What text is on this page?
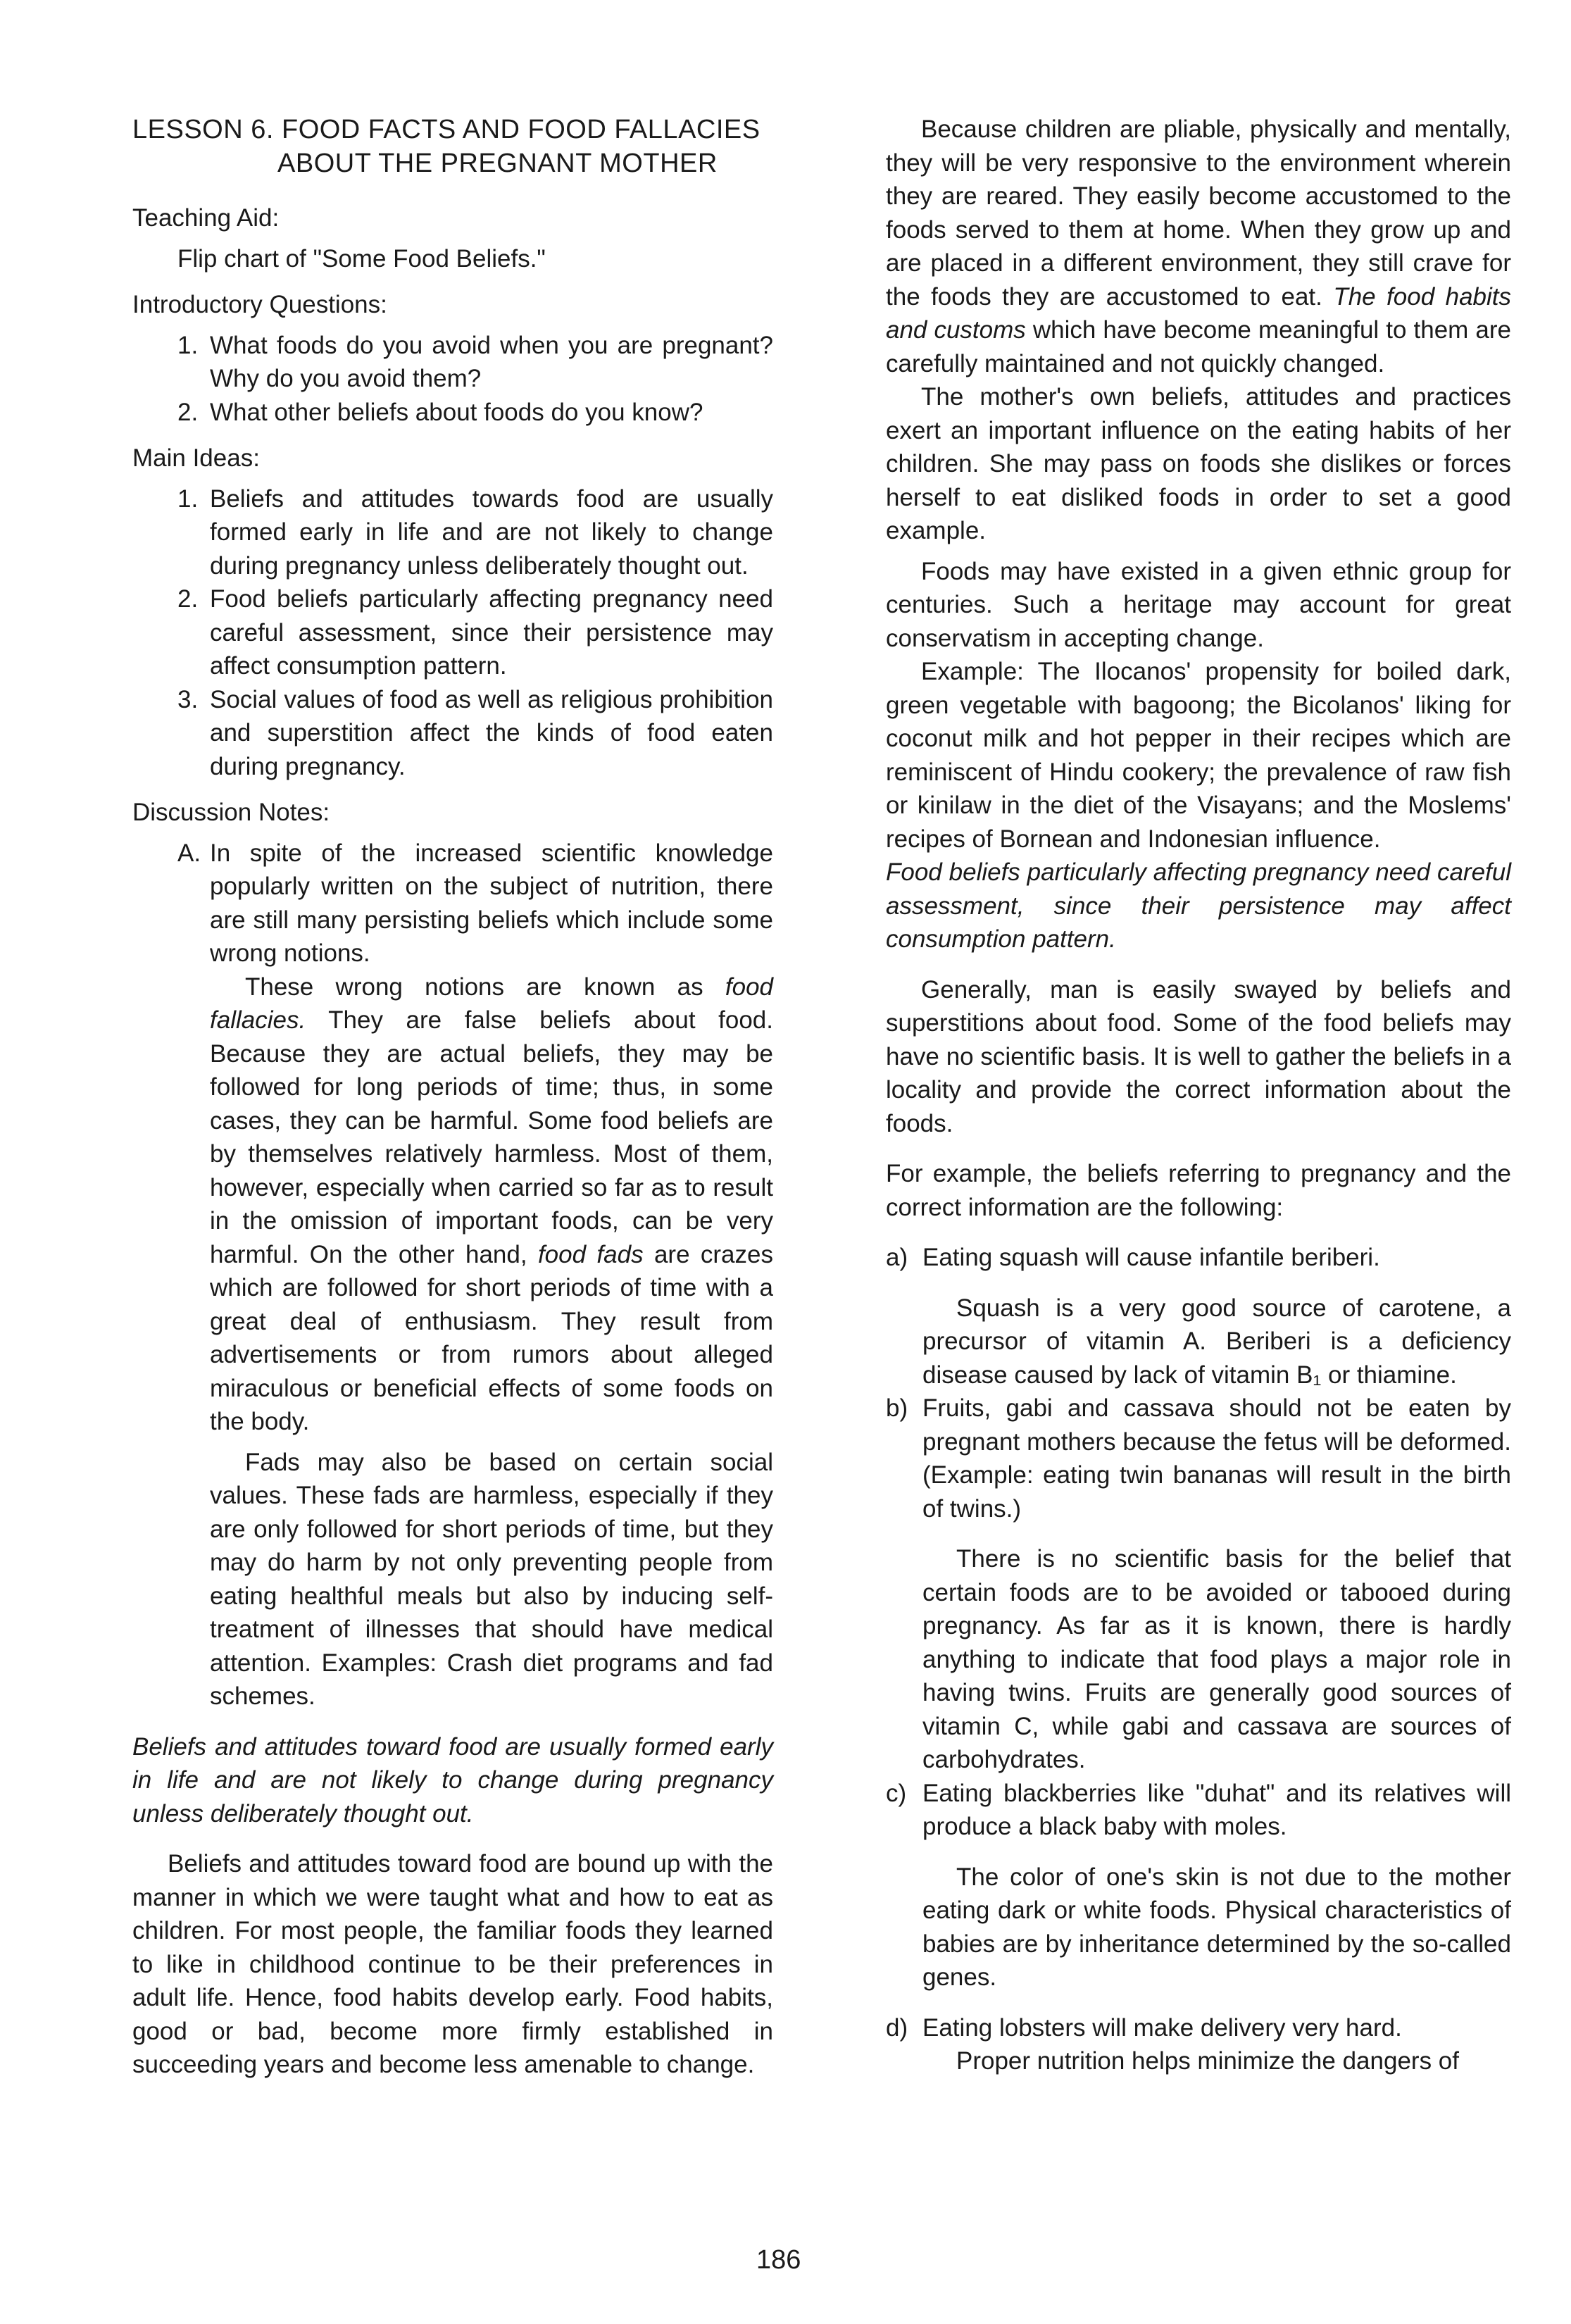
LESSON 6. FOOD FACTS AND FOOD FALLACIES
ABOUT THE PREGNANT MOTHER

Teaching Aid:

Flip chart of "Some Food Beliefs."

Introductory Questions:

1. What foods do you avoid when you are pregnant? Why do you avoid them?
2. What other beliefs about foods do you know?

Main Ideas:

1. Beliefs and attitudes towards food are usually formed early in life and are not likely to change during pregnancy unless deliberately thought out.
2. Food beliefs particularly affecting pregnancy need careful assessment, since their persistence may affect consumption pattern.
3. Social values of food as well as religious prohibition and superstition affect the kinds of food eaten during pregnancy.

Discussion Notes:

A. In spite of the increased scientific knowledge popularly written on the subject of nutrition, there are still many persisting beliefs which include some wrong notions.

These wrong notions are known as food fallacies. They are false beliefs about food. Because they are actual beliefs, they may be followed for long periods of time; thus, in some cases, they can be harmful. Some food beliefs are by themselves relatively harmless. Most of them, however, especially when carried so far as to result in the omission of important foods, can be very harmful. On the other hand, food fads are crazes which are followed for short periods of time with a great deal of enthusiasm. They result from advertisements or from rumors about alleged miraculous or beneficial effects of some foods on the body.

Fads may also be based on certain social values. These fads are harmless, especially if they are only followed for short periods of time, but they may do harm by not only preventing people from eating healthful meals but also by inducing self-treatment of illnesses that should have medical attention. Examples: Crash diet programs and fad schemes.

Beliefs and attitudes toward food are usually formed early in life and are not likely to change during pregnancy unless deliberately thought out.

Beliefs and attitudes toward food are bound up with the manner in which we were taught what and how to eat as children. For most people, the familiar foods they learned to like in childhood continue to be their preferences in adult life. Hence, food habits develop early. Food habits, good or bad, become more firmly established in succeeding years and become less amenable to change.

Because children are pliable, physically and mentally, they will be very responsive to the environment wherein they are reared. They easily become accustomed to the foods served to them at home. When they grow up and are placed in a different environment, they still crave for the foods they are accustomed to eat. The food habits and customs which have become meaningful to them are carefully maintained and not quickly changed.

The mother's own beliefs, attitudes and practices exert an important influence on the eating habits of her children. She may pass on foods she dislikes or forces herself to eat disliked foods in order to set a good example.

Foods may have existed in a given ethnic group for centuries. Such a heritage may account for great conservatism in accepting change.

Example: The Ilocanos' propensity for boiled dark, green vegetable with bagoong; the Bicolanos' liking for coconut milk and hot pepper in their recipes which are reminiscent of Hindu cookery; the prevalence of raw fish or kinilaw in the diet of the Visayans; and the Moslems' recipes of Bornean and Indonesian influence.

Food beliefs particularly affecting pregnancy need careful assessment, since their persistence may affect consumption pattern.

Generally, man is easily swayed by beliefs and superstitions about food. Some of the food beliefs may have no scientific basis. It is well to gather the beliefs in a locality and provide the correct information about the foods.

For example, the beliefs referring to pregnancy and the correct information are the following:

a) Eating squash will cause infantile beriberi.

Squash is a very good source of carotene, a precursor of vitamin A. Beriberi is a deficiency disease caused by lack of vitamin B₁ or thiamine.

b) Fruits, gabi and cassava should not be eaten by pregnant mothers because the fetus will be deformed. (Example: eating twin bananas will result in the birth of twins.)

There is no scientific basis for the belief that certain foods are to be avoided or tabooed during pregnancy. As far as it is known, there is hardly anything to indicate that food plays a major role in having twins. Fruits are generally good sources of vitamin C, while gabi and cassava are sources of carbohydrates.

c) Eating blackberries like "duhat" and its relatives will produce a black baby with moles.

The color of one's skin is not due to the mother eating dark or white foods. Physical characteristics of babies are by inheritance determined by the so-called genes.

d) Eating lobsters will make delivery very hard.

Proper nutrition helps minimize the dangers of

186
